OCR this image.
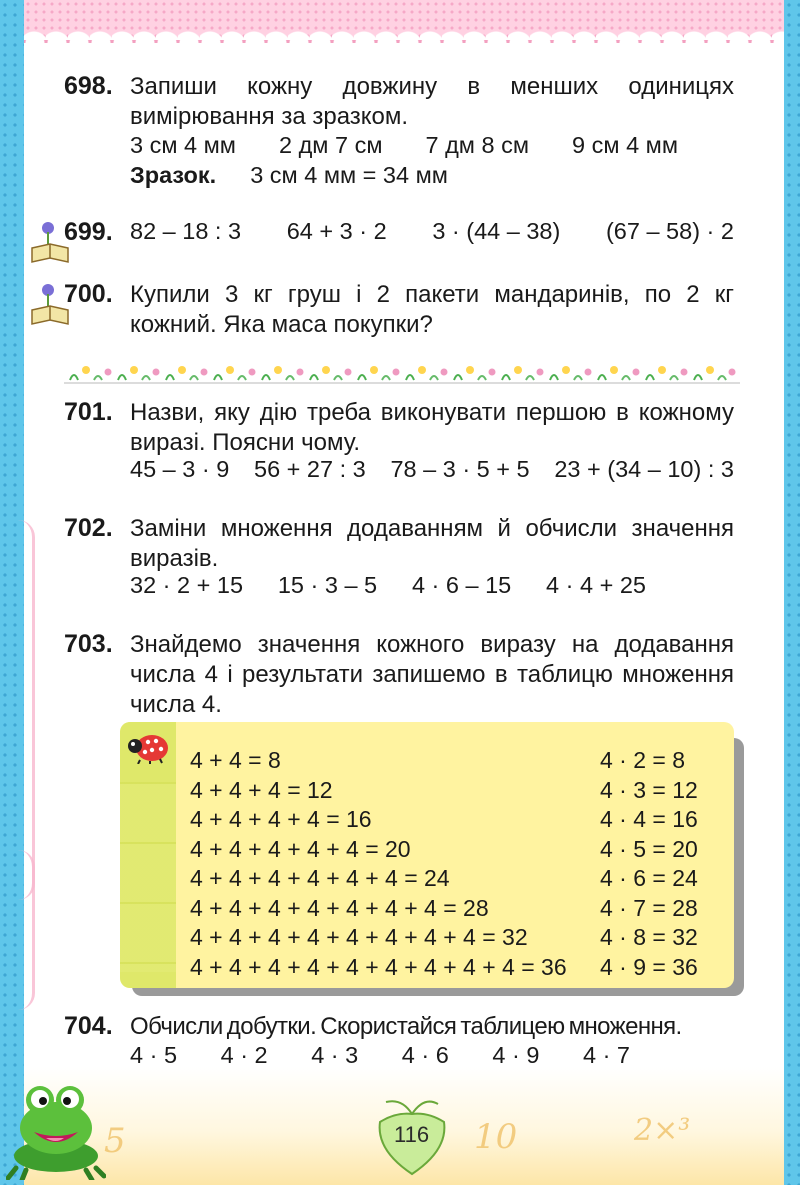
5	10	2×³
698. Запиши кожну довжину в менших одиницях
вимірювання за зразком.
3 см 4 мм 2 дм 7 см 7 дм 8 см 9 см 4 мм
Зразок. 3 см 4 мм = 34 мм
699. 82 – 18 : 3 64 + 3 · 2 3 · (44 – 38) (67 – 58) · 2
700. Купили 3 кг груш і 2 пакети мандаринів, по 2 кг
кожний. Яка маса покупки?
701. Назви, яку дію треба виконувати першою в кожному
виразі. Поясни чому.
45 – 3 · 9 56 + 27 : 3 78 – 3 · 5 + 5 23 + (34 – 10) : 3
702. Заміни множення додаванням й обчисли значення
виразів.
32 · 2 + 15 15 · 3 – 5 4 · 6 – 15 4 · 4 + 25
703. Знайдемо значення кожного виразу на додавання
числа 4 і результати запишемо в таблицю множення
числа 4.
4 + 4 = 8
4 + 4 + 4 = 12
4 + 4 + 4 + 4 = 16
4 + 4 + 4 + 4 + 4 = 20
4 + 4 + 4 + 4 + 4 + 4 = 24
4 + 4 + 4 + 4 + 4 + 4 + 4 = 28
4 + 4 + 4 + 4 + 4 + 4 + 4 + 4 = 32
4 + 4 + 4 + 4 + 4 + 4 + 4 + 4 + 4 = 36
4 · 2 = 8
4 · 3 = 12
4 · 4 = 16
4 · 5 = 20
4 · 6 = 24
4 · 7 = 28
4 · 8 = 32
4 · 9 = 36
704. Обчисли добутки. Скористайся таблицею множення.
4 · 5 4 · 2 4 · 3 4 · 6 4 · 9 4 · 7
116
